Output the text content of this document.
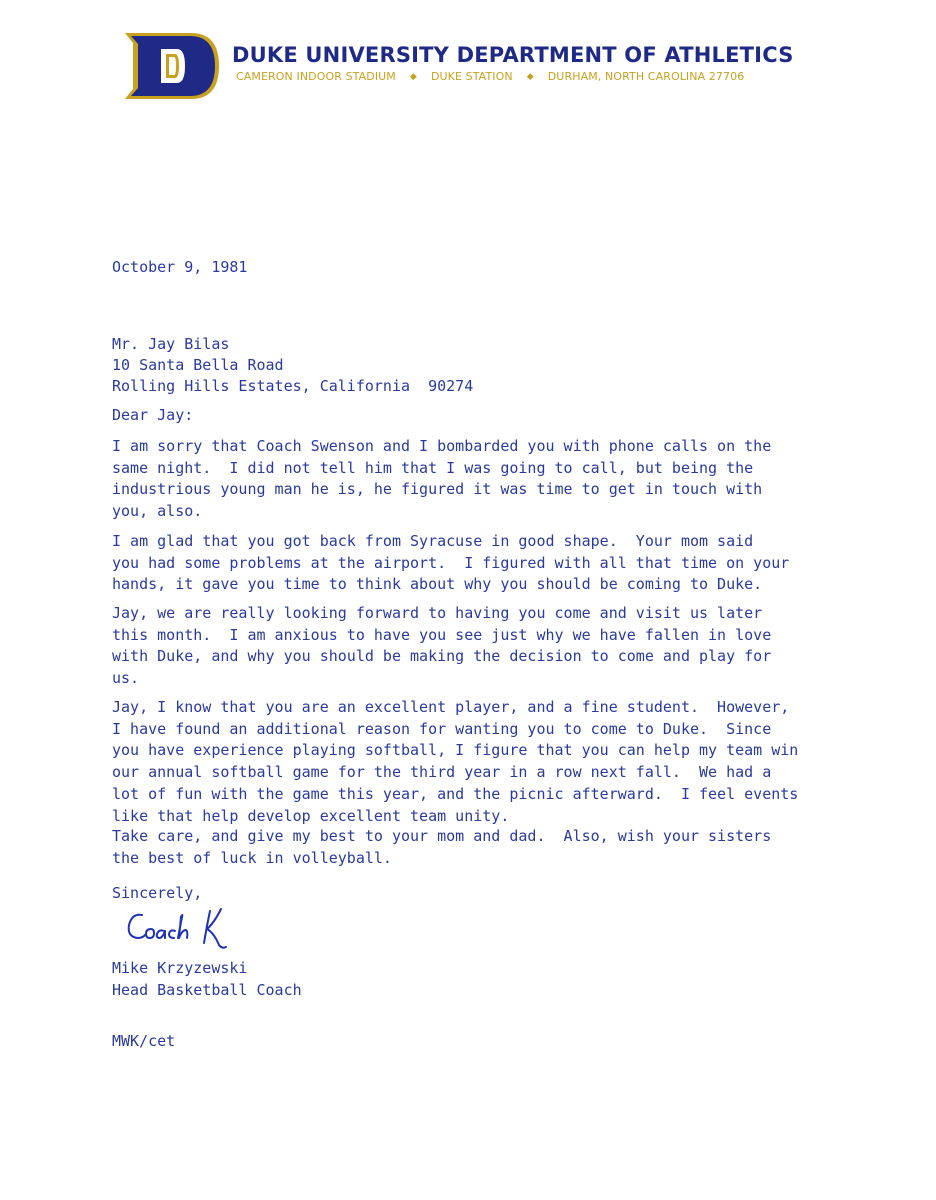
DUKE UNIVERSITY DEPARTMENT OF ATHLETICS
CAMERON INDOOR STADIUM ◆ DUKE STATION ◆ DURHAM, NORTH CAROLINA 27706
October 9, 1981
Mr. Jay Bilas
10 Santa Bella Road
Rolling Hills Estates, California  90274
Dear Jay:
I am sorry that Coach Swenson and I bombarded you with phone calls on the
same night.  I did not tell him that I was going to call, but being the
industrious young man he is, he figured it was time to get in touch with
you, also.
I am glad that you got back from Syracuse in good shape.  Your mom said
you had some problems at the airport.  I figured with all that time on your
hands, it gave you time to think about why you should be coming to Duke.
Jay, we are really looking forward to having you come and visit us later
this month.  I am anxious to have you see just why we have fallen in love
with Duke, and why you should be making the decision to come and play for
us.
Jay, I know that you are an excellent player, and a fine student.  However,
I have found an additional reason for wanting you to come to Duke.  Since
you have experience playing softball, I figure that you can help my team win
our annual softball game for the third year in a row next fall.  We had a
lot of fun with the game this year, and the picnic afterward.  I feel events
like that help develop excellent team unity.
Take care, and give my best to your mom and dad.  Also, wish your sisters
the best of luck in volleyball.
Sincerely,
Mike Krzyzewski
Head Basketball Coach
MWK/cet
